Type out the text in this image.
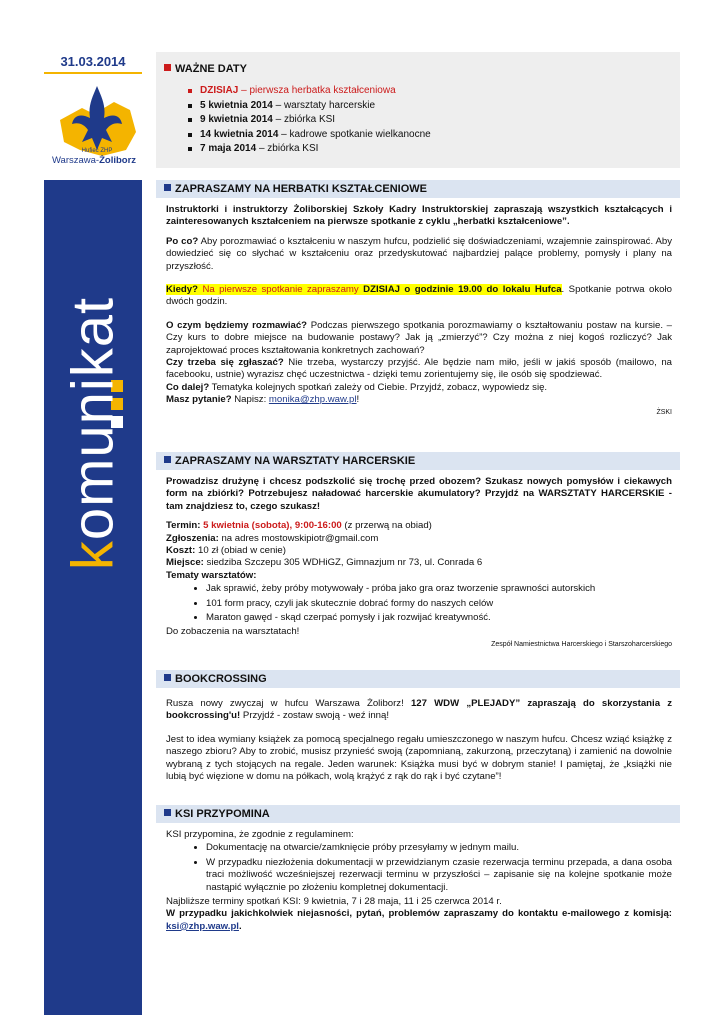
31.03.2014
Hufiec ZHP
Warszawa-Żoliborz
komunikat
WAŻNE DATY
DZISIAJ – pierwsza herbatka kształceniowa
5 kwietnia 2014 – warsztaty harcerskie
9 kwietnia 2014 – zbiórka KSI
14 kwietnia 2014 – kadrowe spotkanie wielkanocne
7 maja 2014 – zbiórka KSI
ZAPRASZAMY NA HERBATKI KSZTAŁCENIOWE

Instruktorki i instruktorzy Żoliborskiej Szkoły Kadry Instruktorskiej zapraszają wszystkich kształcących i zainteresowanych kształceniem na pierwsze spotkanie z cyklu „herbatki kształceniowe”.

Po co? Aby porozmawiać o kształceniu w naszym hufcu, podzielić się doświadczeniami, wzajemnie zainspirować. Aby dowiedzieć się co słychać w kształceniu oraz przedyskutować najbardziej palące problemy, pomysły i plany na przyszłość.

Kiedy? Na pierwsze spotkanie zapraszamy DZISIAJ o godzinie 19.00 do lokalu Hufca. Spotkanie potrwa około dwóch godzin.

O czym będziemy rozmawiać? Podczas pierwszego spotkania porozmawiamy o kształtowaniu postaw na kursie. – Czy kurs to dobre miejsce na budowanie postawy? Jak ją „zmierzyć”? Czy można z niej kogoś rozliczyć? Jak zaprojektować proces kształtowania konkretnych zachowań?

Czy trzeba się zgłaszać? Nie trzeba, wystarczy przyjść. Ale będzie nam miło, jeśli w jakiś sposób (mailowo, na facebooku, ustnie) wyrazisz chęć uczestnictwa - dzięki temu zorientujemy się, ile osób się spodziewać.

Co dalej? Tematyka kolejnych spotkań zależy od Ciebie. Przyjdź, zobacz, wypowiedz się.

Masz pytanie? Napisz: monika@zhp.waw.pl!

ŻSKI
ZAPRASZAMY NA WARSZTATY HARCERSKIE

Prowadzisz drużynę i chcesz podszkolić się trochę przed obozem? Szukasz nowych pomysłów i ciekawych form na zbiórki? Potrzebujesz naładować harcerskie akumulatory? Przyjdź na WARSZTATY HARCERSKIE - tam znajdziesz to, czego szukasz!

Termin: 5 kwietnia (sobota), 9:00-16:00 (z przerwą na obiad)
Zgłoszenia: na adres mostowskipiotr@gmail.com
Koszt: 10 zł (obiad w cenie)
Miejsce: siedziba Szczepu 305 WDHiGZ, Gimnazjum nr 73, ul. Conrada 6
Tematy warsztatów:
• Jak sprawić, żeby próby motywowały - próba jako gra oraz tworzenie sprawności autorskich
• 101 form pracy, czyli jak skutecznie dobrać formy do naszych celów
• Maraton gawęd - skąd czerpać pomysły i jak rozwijać kreatywność.
Do zobaczenia na warsztatach!
Zespół Namiestnictwa Harcerskiego i Starszoharcerskiego
BOOKCROSSING

Rusza nowy zwyczaj w hufcu Warszawa Żoliborz! 127 WDW „PLEJADY” zapraszają do skorzystania z bookcrossing'u! Przyjdź - zostaw swoją - weź inną!

Jest to idea wymiany książek za pomocą specjalnego regału umieszczonego w naszym hufcu. Chcesz wziąć książkę z naszego zbioru? Aby to zrobić, musisz przynieść swoją (zapomnianą, zakurzoną, przeczytaną) i zamienić na dowolnie wybraną z tych stojących na regale. Jeden warunek: Książka musi być w dobrym stanie! I pamiętaj, że „książki nie lubią być więzione w domu na półkach, wolą krążyć z rąk do rąk i być czytane”!

KSI PRZYPOMINA
KSI przypomina, że zgodnie z regulaminem:
• Dokumentację na otwarcie/zamknięcie próby przesyłamy w jednym mailu.
• W przypadku niezłożenia dokumentacji w przewidzianym czasie rezerwacja terminu przepada, a dana osoba traci możliwość wcześniejszej rezerwacji terminu w przyszłości – zapisanie się na kolejne spotkanie może nastąpić wyłącznie po złożeniu kompletnej dokumentacji.
Najbliższe terminy spotkań KSI: 9 kwietnia, 7 i 28 maja, 11 i 25 czerwca 2014 r.
W przypadku jakichkolwiek niejasności, pytań, problemów zapraszamy do kontaktu e-mailowego z komisją: ksi@zhp.waw.pl.
